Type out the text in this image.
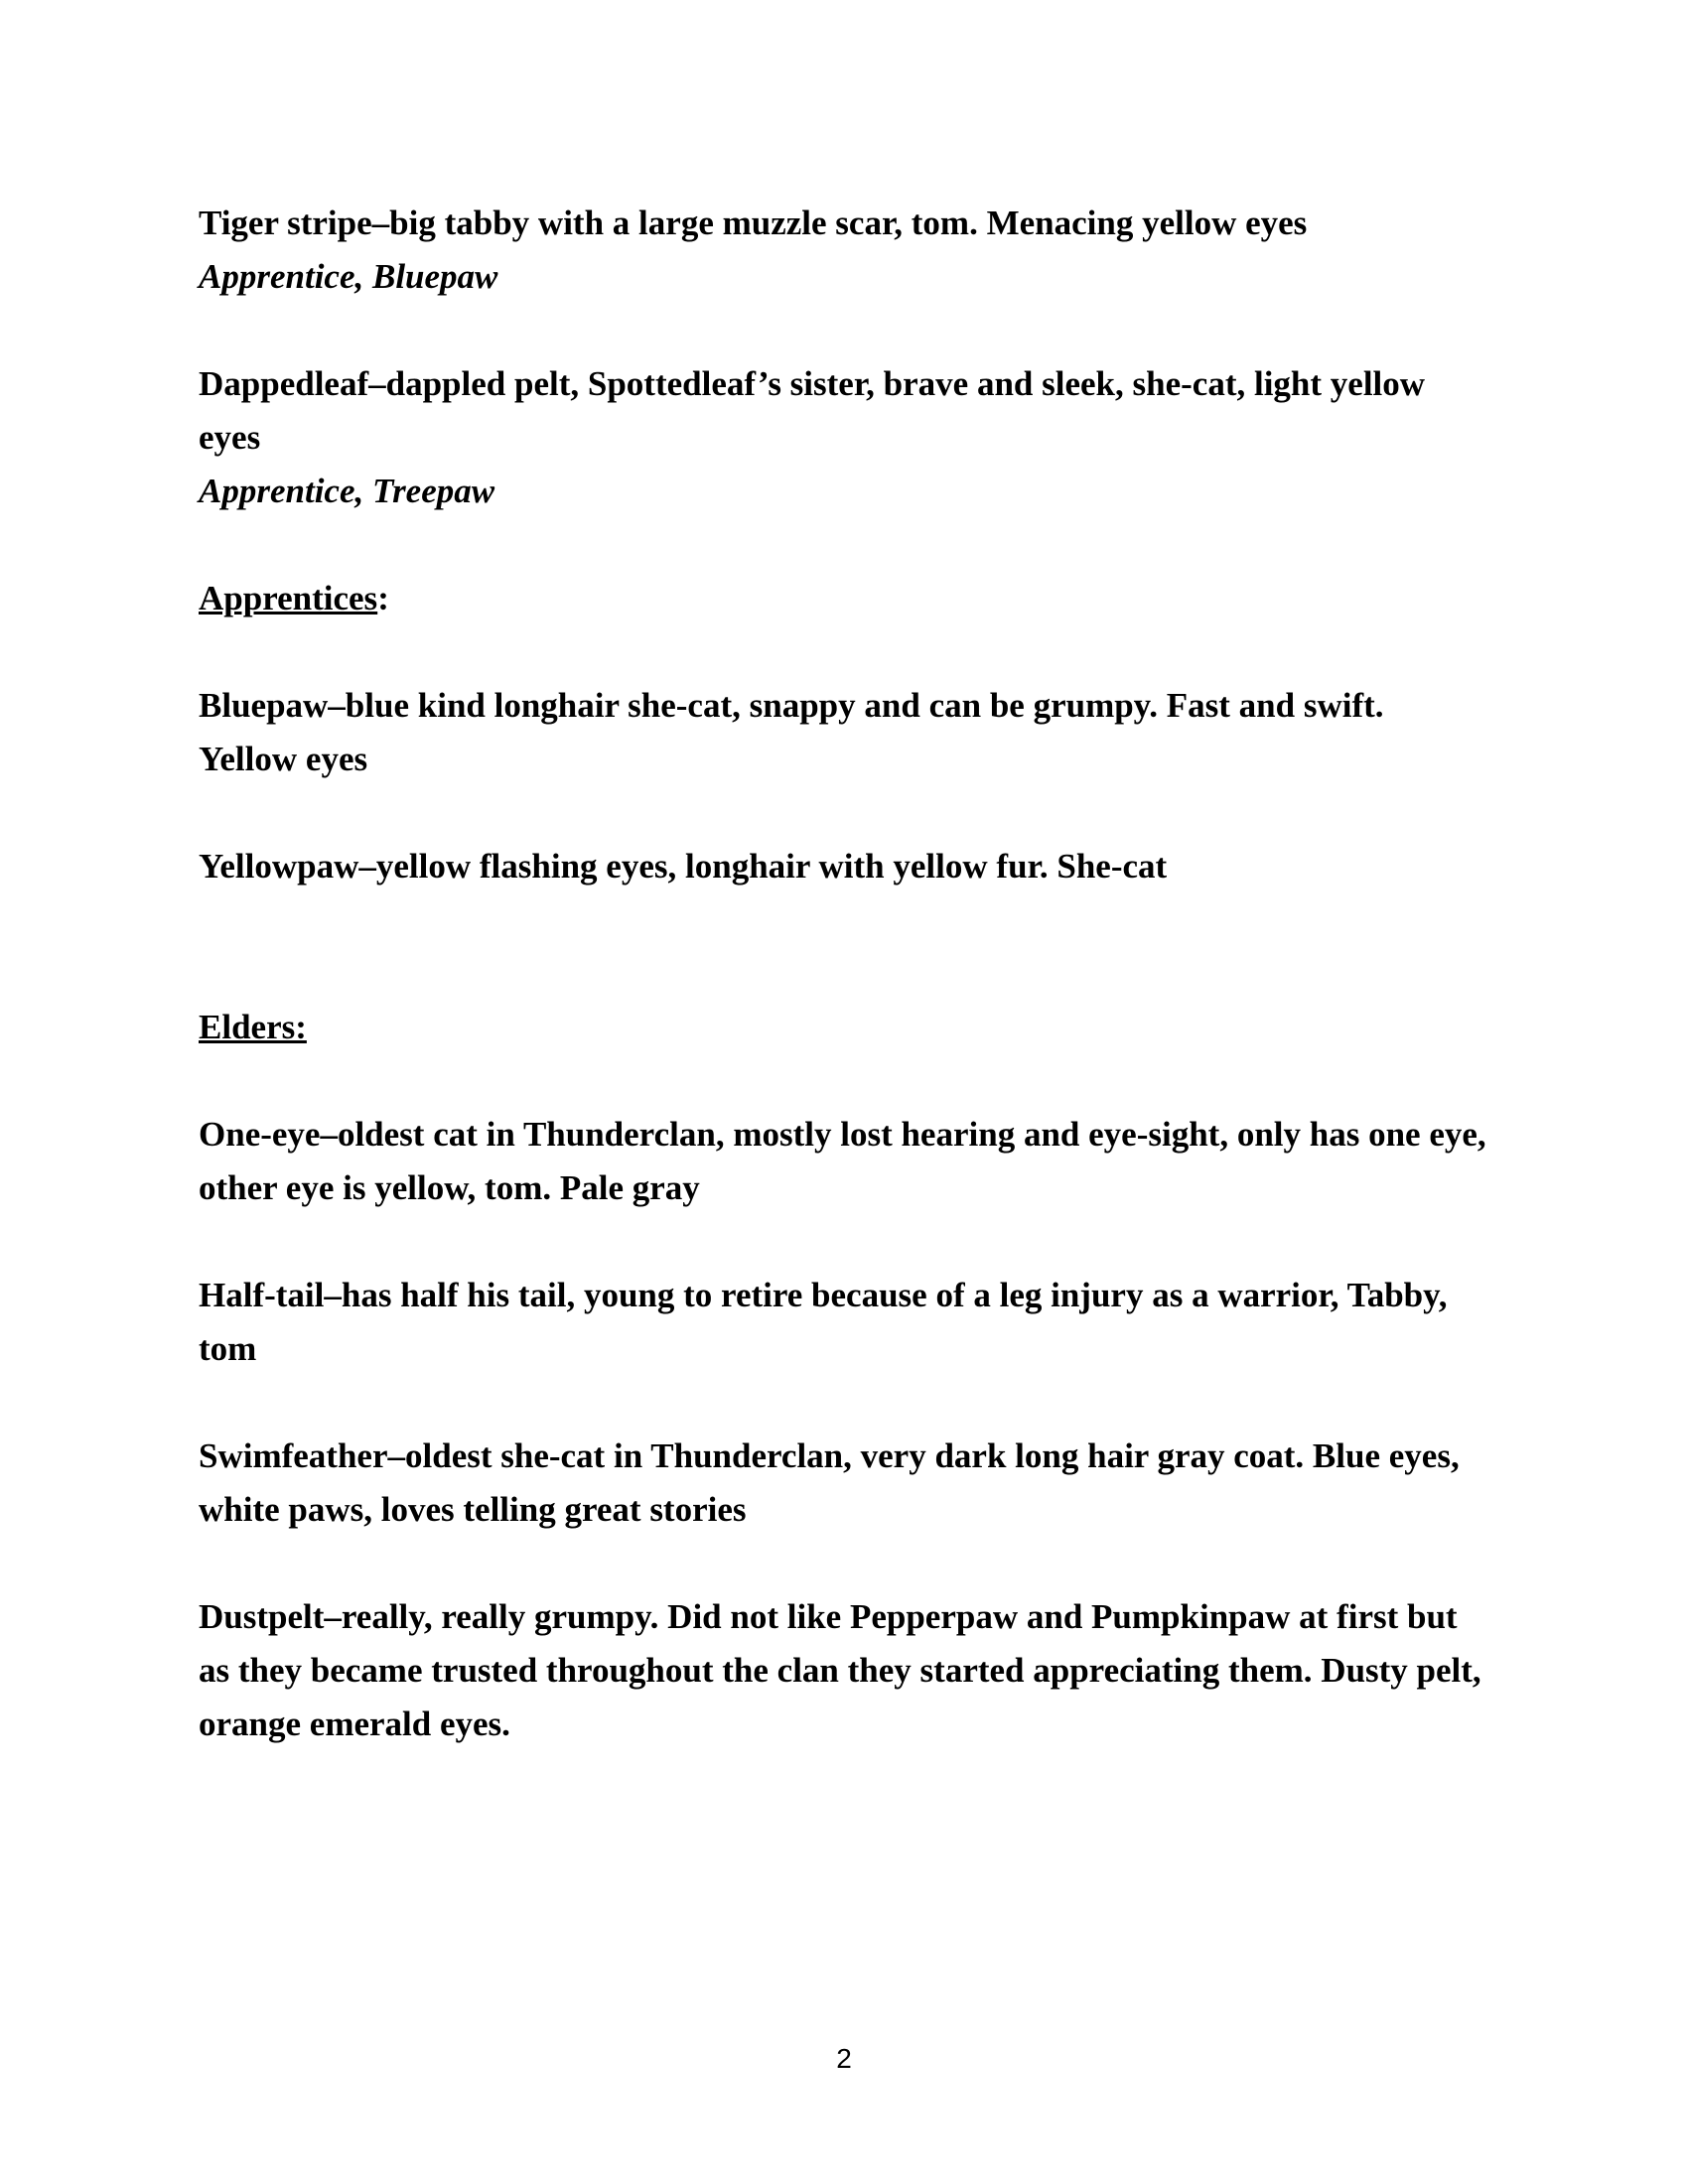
Tiger stripe–big tabby with a large muzzle scar, tom. Menacing yellow eyes
Apprentice, Bluepaw
Dappedleaf–dappled pelt, Spottedleaf’s sister, brave and sleek, she-cat, light yellow eyes
Apprentice, Treepaw
Apprentices:
Bluepaw–blue kind longhair she-cat, snappy and can be grumpy. Fast and swift. Yellow eyes
Yellowpaw–yellow flashing eyes, longhair with yellow fur. She-cat
Elders:
One-eye–oldest cat in Thunderclan, mostly lost hearing and eye-sight, only has one eye, other eye is yellow, tom. Pale gray
Half-tail–has half his tail, young to retire because of a leg injury as a warrior, Tabby, tom
Swimfeather–oldest she-cat in Thunderclan, very dark long hair gray coat. Blue eyes, white paws, loves telling great stories
Dustpelt–really, really grumpy. Did not like Pepperpaw and Pumpkinpaw at first but as they became trusted throughout the clan they started appreciating them. Dusty pelt, orange emerald eyes.
2
